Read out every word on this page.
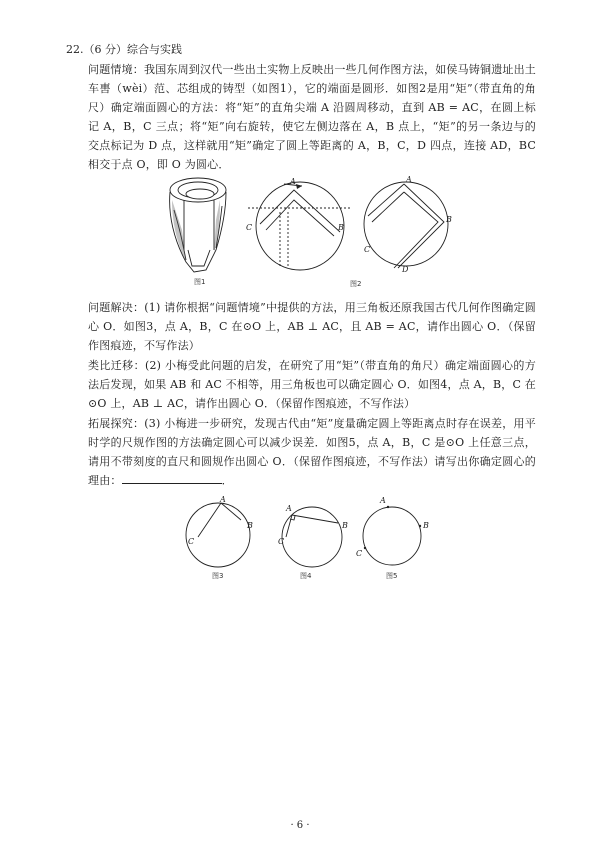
22.（6 分）综合与实践
问题情境：我国东周到汉代一些出土实物上反映出一些几何作图方法，如侯马铸铜遗址出土车軎（wèi）范、芯组成的铸型（如图1），它的端面是圆形．如图2是用“矩”（带直角的角尺）确定端面圆心的方法：将“矩”的直角尖端 A 沿圆周移动，直到 AB = AC，在圆上标记 A，B，C 三点；将“矩”向右旋转，使它左侧边落在 A，B 点上，“矩”的另一条边与的交点标记为 D 点，这样就用“矩”确定了圆上等距离的 A，B，C，D 四点，连接 AD，BC 相交于点 O，即 O 为圆心．
图1
A
B
C
图2
A
B
C
D
问题解决：(1) 请你根据“问题情境”中提供的方法，用三角板还原我国古代几何作图确定圆心 O．如图3，点 A，B，C 在⊙O 上，AB ⊥ AC，且 AB = AC，请作出圆心 O．（保留作图痕迹，不写作法）
类比迁移：(2) 小梅受此问题的启发，在研究了用“矩”（带直角的角尺）确定端面圆心的方法后发现，如果 AB 和 AC 不相等，用三角板也可以确定圆心 O．如图4，点 A，B，C 在⊙O 上，AB ⊥ AC，请作出圆心 O．（保留作图痕迹，不写作法）
拓展探究：(3) 小梅进一步研究，发现古代由“矩”度量确定圆上等距离点时存在误差，用平时学的尺规作图的方法确定圆心可以减少误差．如图5，点 A，B，C 是⊙O 上任意三点，请用不带刻度的直尺和圆规作出圆心 O．（保留作图痕迹，不写作法）请写出你确定圆心的理由：	．
A
B
C
图3
A
B
C
图4
A
B
C
图5
· 6 ·
